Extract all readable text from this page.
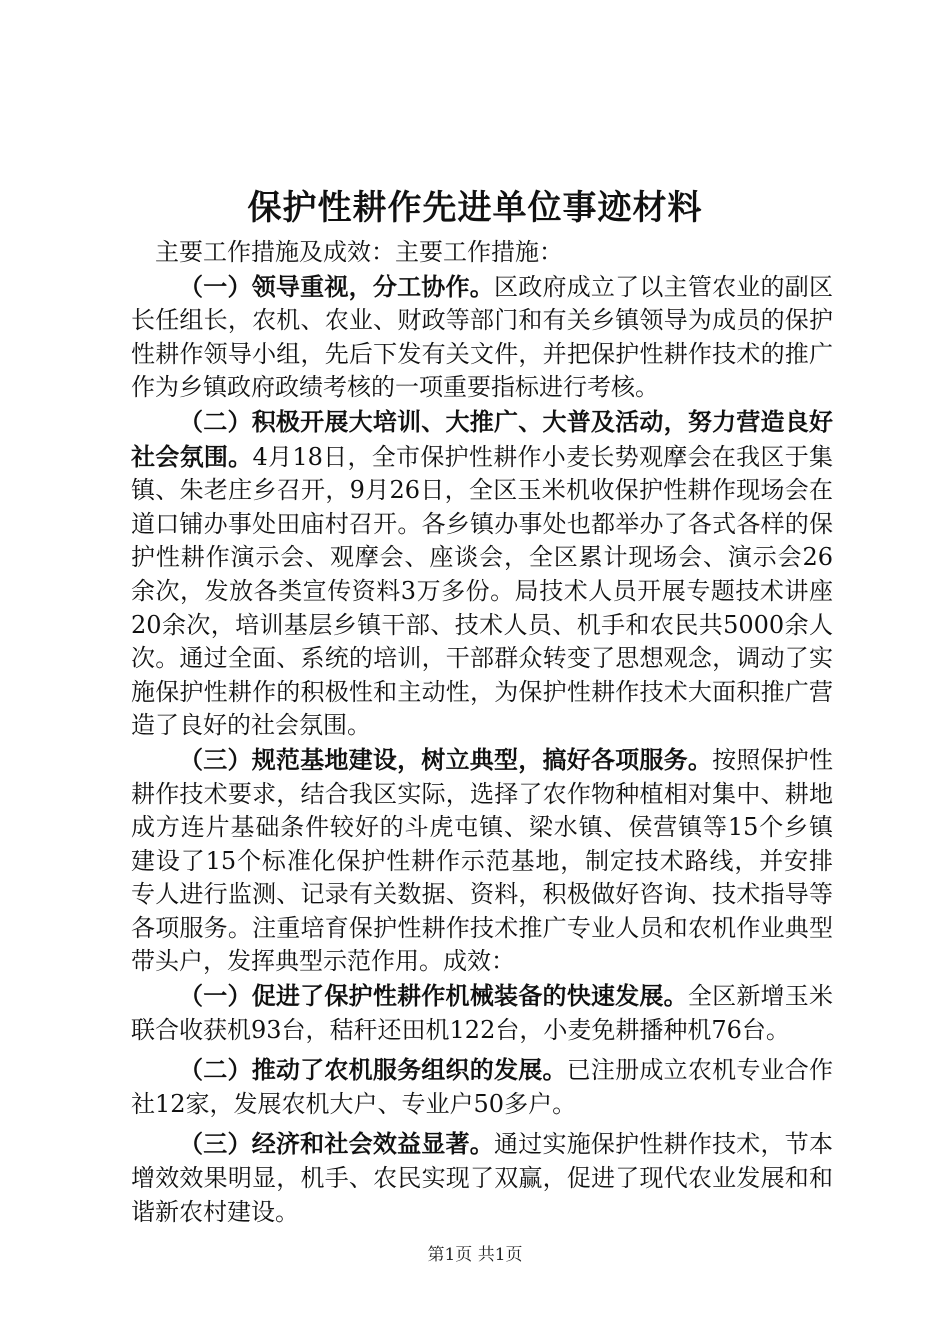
保护性耕作先进单位事迹材料

主要工作措施及成效：主要工作措施：

（一）领导重视，分工协作。区政府成立了以主管农业的副区长任组长，农机、农业、财政等部门和有关乡镇领导为成员的保护性耕作领导小组，先后下发有关文件，并把保护性耕作技术的推广作为乡镇政府政绩考核的一项重要指标进行考核。

（二）积极开展大培训、大推广、大普及活动，努力营造良好社会氛围。4月18日，全市保护性耕作小麦长势观摩会在我区于集镇、朱老庄乡召开，9月26日，全区玉米机收保护性耕作现场会在道口铺办事处田庙村召开。各乡镇办事处也都举办了各式各样的保护性耕作演示会、观摩会、座谈会，全区累计现场会、演示会26余次，发放各类宣传资料3万多份。局技术人员开展专题技术讲座20余次，培训基层乡镇干部、技术人员、机手和农民共5000余人次。通过全面、系统的培训，干部群众转变了思想观念，调动了实施保护性耕作的积极性和主动性，为保护性耕作技术大面积推广营造了良好的社会氛围。

（三）规范基地建设，树立典型，搞好各项服务。按照保护性耕作技术要求，结合我区实际，选择了农作物种植相对集中、耕地成方连片基础条件较好的斗虎屯镇、梁水镇、侯营镇等15个乡镇建设了15个标准化保护性耕作示范基地，制定技术路线，并安排专人进行监测、记录有关数据、资料，积极做好咨询、技术指导等各项服务。注重培育保护性耕作技术推广专业人员和农机作业典型带头户，发挥典型示范作用。成效：

（一）促进了保护性耕作机械装备的快速发展。全区新增玉米联合收获机93台，秸秆还田机122台，小麦免耕播种机76台。

（二）推动了农机服务组织的发展。已注册成立农机专业合作社12家，发展农机大户、专业户50多户。

（三）经济和社会效益显著。通过实施保护性耕作技术，节本增效效果明显，机手、农民实现了双赢，促进了现代农业发展和和谐新农村建设。

第1页 共1页
